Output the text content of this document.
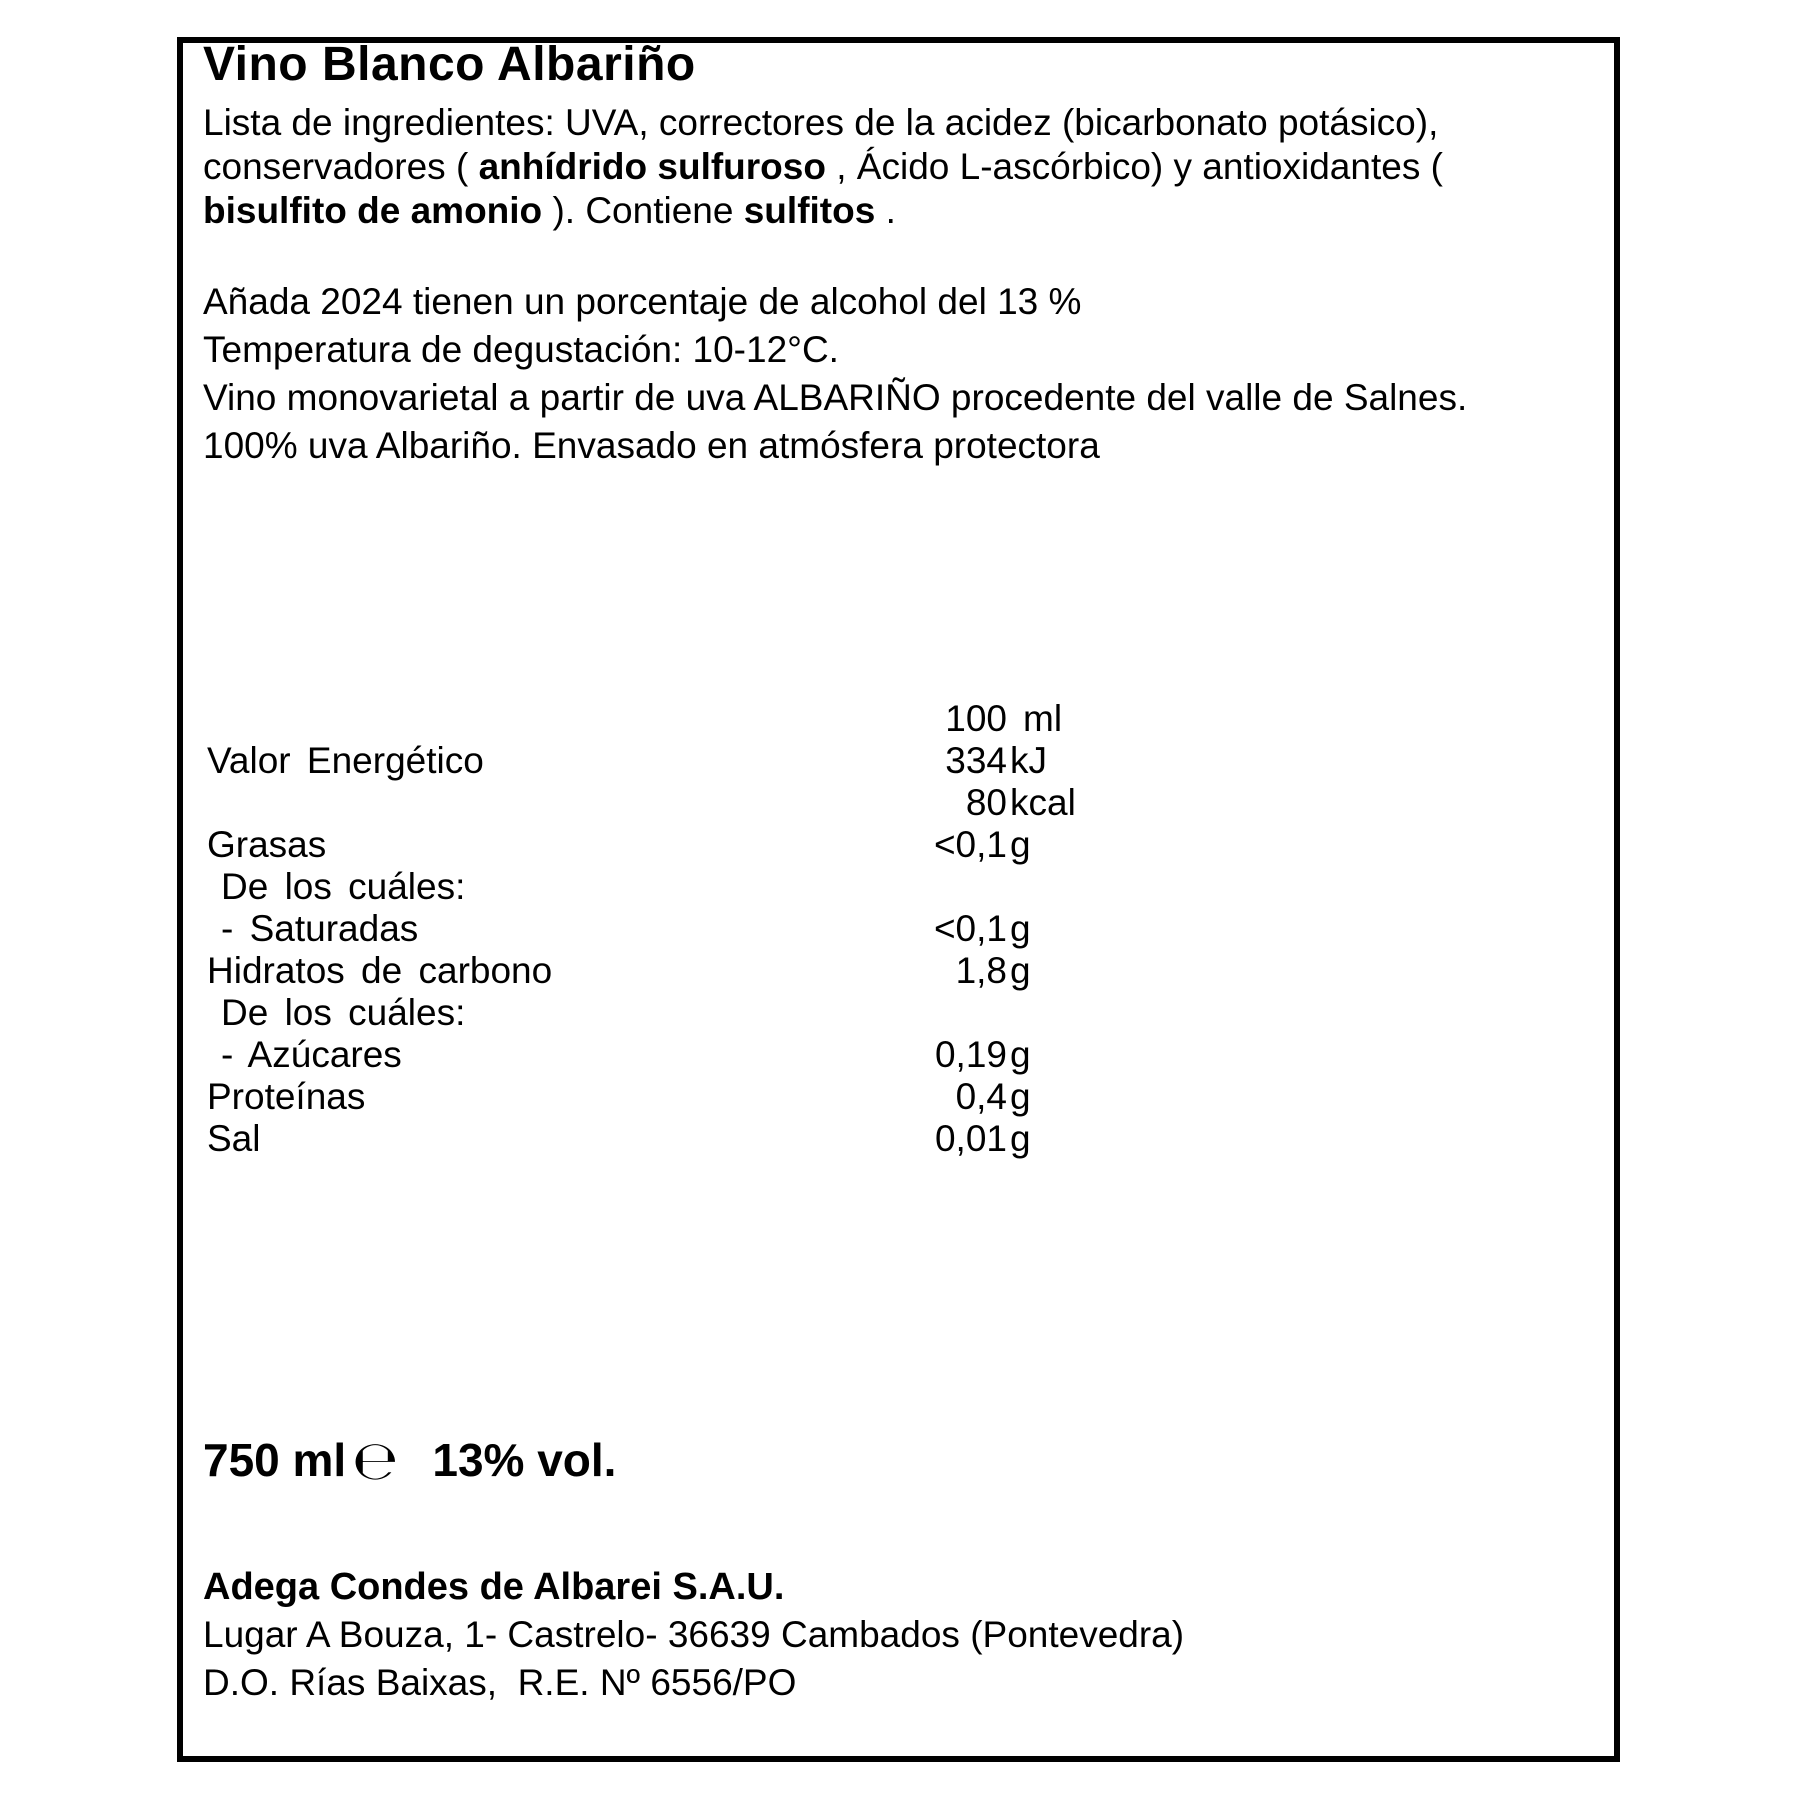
Vino Blanco Albariño
Lista de ingredientes: UVA, correctores de la acidez (bicarbonato potásico),
conservadores ( anhídrido sulfuroso , Ácido L-ascórbico) y antioxidantes (
bisulfito de amonio ). Contiene sulfitos .
Añada 2024 tienen un porcentaje de alcohol del 13 %
Temperatura de degustación: 10-12°C.
Vino monovarietal a partir de uva ALBARIÑO procedente del valle de Salnes.
100% uva Albariño. Envasado en atmósfera protectora
100 ml
Valor Energético	334 kJ
80 kcal
Grasas	<0,1 g
De los cuáles:
- Saturadas	<0,1 g
Hidratos de carbono	1,8 g
De los cuáles:
- Azúcares	0,19 g
Proteínas	0,4 g
Sal	0,01 g
750 ml ℮ 13% vol.
Adega Condes de Albarei S.A.U.
Lugar A Bouza, 1- Castrelo- 36639 Cambados (Pontevedra)
D.O. Rías Baixas,  R.E. Nº 6556/PO
